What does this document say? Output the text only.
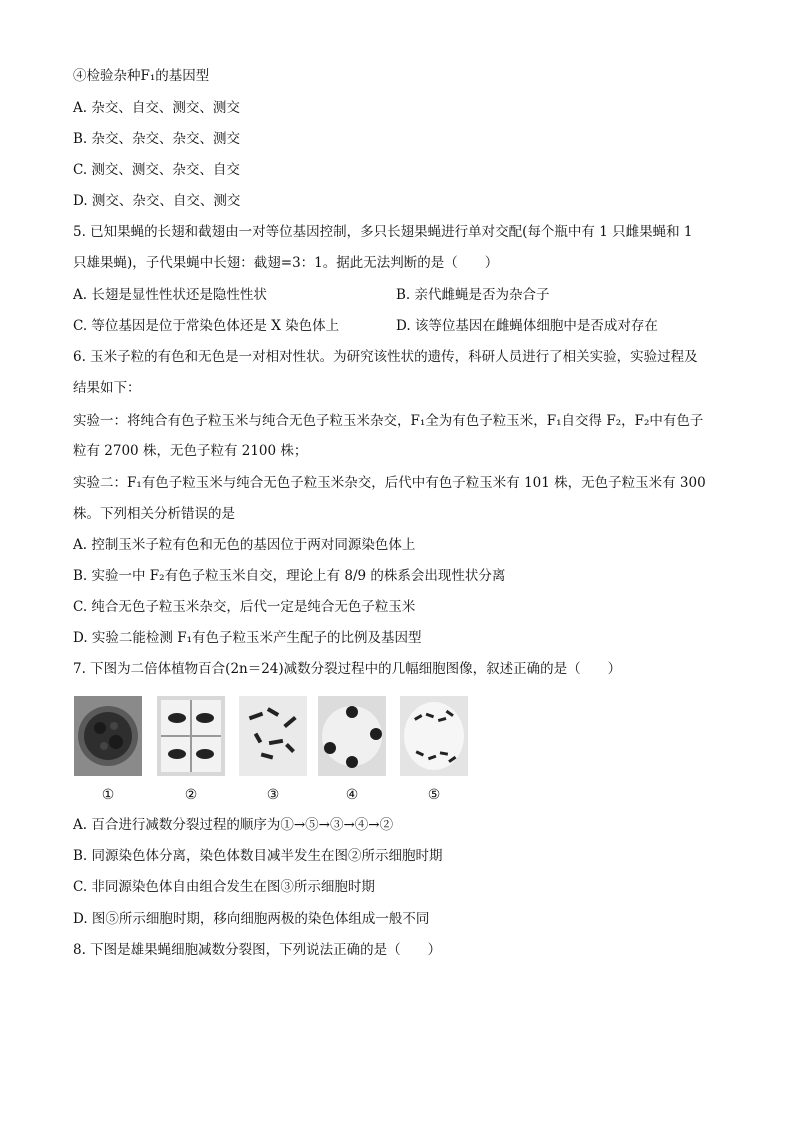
④检验杂种F₁的基因型
A. 杂交、自交、测交、测交
B. 杂交、杂交、杂交、测交
C. 测交、测交、杂交、自交
D. 测交、杂交、自交、测交
5. 已知果蝇的长翅和截翅由一对等位基因控制，多只长翅果蝇进行单对交配(每个瓶中有 1 只雌果蝇和 1
只雄果蝇)，子代果蝇中长翅：截翅=3：1。据此无法判断的是（　　）
A. 长翅是显性性状还是隐性性状	B. 亲代雌蝇是否为杂合子
C. 等位基因是位于常染色体还是 X 染色体上	D. 该等位基因在雌蝇体细胞中是否成对存在
6. 玉米子粒的有色和无色是一对相对性状。为研究该性状的遗传，科研人员进行了相关实验，实验过程及
结果如下：
实验一：将纯合有色子粒玉米与纯合无色子粒玉米杂交，F₁全为有色子粒玉米，F₁自交得 F₂，F₂中有色子
粒有 2700 株，无色子粒有 2100 株；
实验二：F₁有色子粒玉米与纯合无色子粒玉米杂交，后代中有色子粒玉米有 101 株，无色子粒玉米有 300
株。下列相关分析错误的是
A. 控制玉米子粒有色和无色的基因位于两对同源染色体上
B. 实验一中 F₂有色子粒玉米自交，理论上有 8/9 的株系会出现性状分离
C. 纯合无色子粒玉米杂交，后代一定是纯合无色子粒玉米
D. 实验二能检测 F₁有色子粒玉米产生配子的比例及基因型
7. 下图为二倍体植物百合(2n＝24)减数分裂过程中的几幅细胞图像，叙述正确的是（　　）
①	②	③	④	⑤
A. 百合进行减数分裂过程的顺序为①→⑤→③→④→②
B. 同源染色体分离，染色体数目减半发生在图②所示细胞时期
C. 非同源染色体自由组合发生在图③所示细胞时期
D. 图⑤所示细胞时期，移向细胞两极的染色体组成一般不同
8. 下图是雄果蝇细胞减数分裂图，下列说法正确的是（　　）
